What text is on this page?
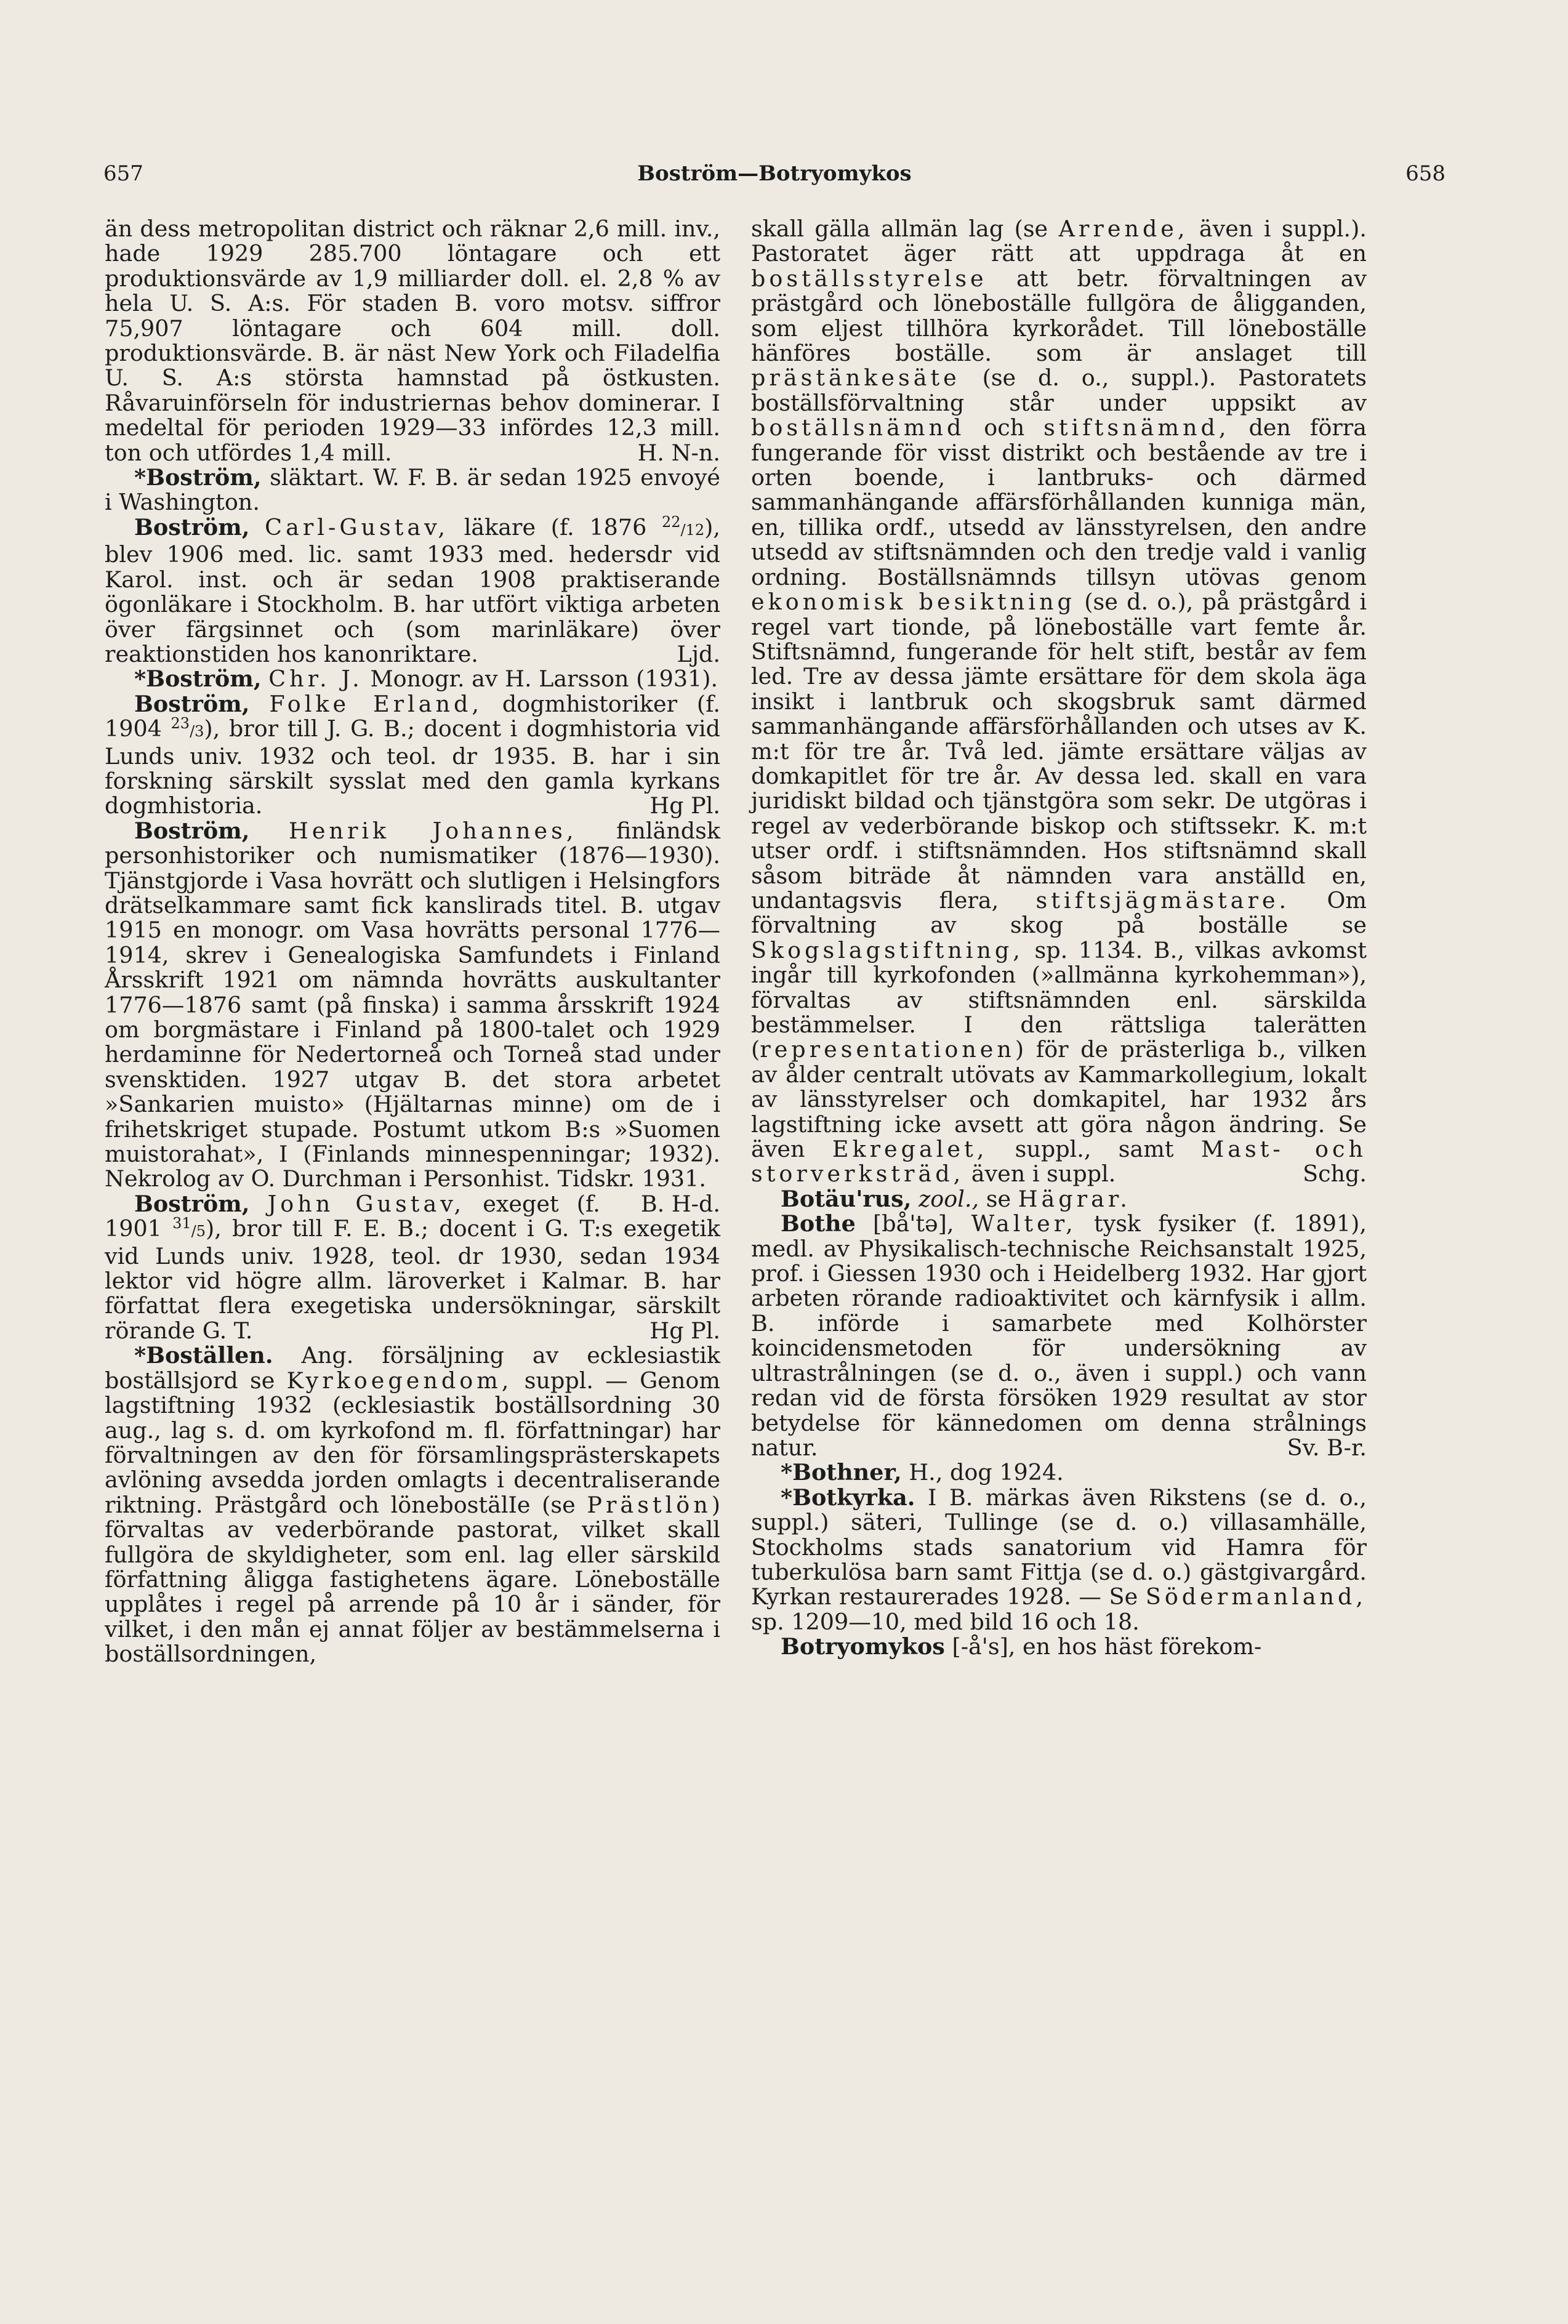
657	Boström—Botryomykos	658

än dess metropolitan district och räknar 2,6 mill. inv., hade 1929 285.700 löntagare och ett produktionsvärde av 1,9 milliarder doll. el. 2,8 % av hela U. S. A:s. För staden B. voro motsv. siffror 75,907 löntagare och 604 mill. doll. produktionsvärde. B. är näst New York och Filadelfia U. S. A:s största hamnstad på östkusten. Råvaruinförseln för industriernas behov dominerar. I medeltal för perioden 1929—33 infördes 12,3 mill. ton och utfördes 1,4 mill.	H. N-n.

*Boström, släktart. W. F. B. är sedan 1925 envoyé i Washington.

Boström, Carl-Gustav, läkare (f. 1876 $^{22}$/12), blev 1906 med. lic. samt 1933 med. hedersdr vid Karol. inst. och är sedan 1908 praktiserande ögonläkare i Stockholm. B. har utfört viktiga arbeten över färgsinnet och (som marinläkare) över reaktionstiden hos kanonriktare.	Ljd.

*Boström, Chr. J. Monogr. av H. Larsson (1931).

Boström, Folke Erland, dogmhistoriker (f. 1904 $^{23}$/3), bror till J. G. B.; docent i dogmhistoria vid Lunds univ. 1932 och teol. dr 1935. B. har i sin forskning särskilt sysslat med den gamla kyrkans dogmhistoria.	Hg Pl.

Boström, Henrik Johannes, finländsk personhistoriker och numismatiker (1876—1930). Tjänstgjorde i Vasa hovrätt och slutligen i Helsingfors drätselkammare samt fick kanslirads titel. B. utgav 1915 en monogr. om Vasa hovrätts personal 1776—1914, skrev i Genealogiska Samfundets i Finland Årsskrift 1921 om nämnda hovrätts auskultanter 1776—1876 samt (på finska) i samma årsskrift 1924 om borgmästare i Finland på 1800-talet och 1929 herdaminne för Nedertorneå och Torneå stad under svensktiden. 1927 utgav B. det stora arbetet »Sankarien muisto» (Hjältarnas minne) om de i frihetskriget stupade. Postumt utkom B:s »Suomen muistorahat», I (Finlands minnespenningar; 1932). Nekrolog av O. Durchman i Personhist. Tidskr. 1931.
B. H-d.

Boström, John Gustav, exeget (f. 1901 $^{31}$/5), bror till F. E. B.; docent i G. T:s exegetik vid Lunds univ. 1928, teol. dr 1930, sedan 1934 lektor vid högre allm. läroverket i Kalmar. B. har författat flera exegetiska undersökningar, särskilt rörande G. T.	Hg Pl.

*Boställen. Ang. försäljning av ecklesiastik boställsjord se Kyrkoegendom, suppl. — Genom lagstiftning 1932 (ecklesiastik boställsordning 30 aug., lag s. d. om kyrkofond m. fl. författningar) har förvaltningen av den för församlingsprästerskapets avlöning avsedda jorden omlagts i decentraliserande riktning. Prästgård och lönebostälIe (se Prästlön) förvaltas av vederbörande pastorat, vilket skall fullgöra de skyldigheter, som enl. lag eller särskild författning åligga fastighetens ägare. Löneboställe upplåtes i regel på arrende på 10 år i sänder, för vilket, i den mån ej annat följer av bestämmelserna i boställsordningen,

skall gälla allmän lag (se Arrende, även i suppl.). Pastoratet äger rätt att uppdraga åt en boställsstyrelse att betr. förvaltningen av prästgård och löneboställe fullgöra de åligganden, som eljest tillhöra kyrkorådet. Till löneboställe hänföres boställe. som är anslaget till prästänkesäte (se d. o., suppl.). Pastoratets boställsförvaltning står under uppsikt av boställsnämnd och stiftsnämnd, den förra fungerande för visst distrikt och bestående av tre i orten boende, i lantbruks- och därmed sammanhängande affärsförhållanden kunniga män, en, tillika ordf., utsedd av länsstyrelsen, den andre utsedd av stiftsnämnden och den tredje vald i vanlig ordning. Boställsnämnds tillsyn utövas genom ekonomisk besiktning (se d. o.), på prästgård i regel vart tionde, på löneboställe vart femte år. Stiftsnämnd, fungerande för helt stift, består av fem led. Tre av dessa jämte ersättare för dem skola äga insikt i lantbruk och skogsbruk samt därmed sammanhängande affärsförhållanden och utses av K. m:t för tre år. Två led. jämte ersättare väljas av domkapitlet för tre år. Av dessa led. skall en vara juridiskt bildad och tjänstgöra som sekr. De utgöras i regel av vederbörande biskop och stiftssekr. K. m:t utser ordf. i stiftsnämnden. Hos stiftsnämnd skall såsom biträde åt nämnden vara anställd en, undantagsvis flera, stiftsjägmästare. Om förvaltning av skog på boställe se Skogslagstiftning, sp. 1134. B., vilkas avkomst ingår till kyrkofonden (»allmänna kyrkohemman»), förvaltas av stiftsnämnden enl. särskilda bestämmelser. I den rättsliga talerätten (representationen) för de prästerliga b., vilken av ålder centralt utövats av Kammarkollegium, lokalt av länsstyrelser och domkapitel, har 1932 års lagstiftning icke avsett att göra någon ändring. Se även Ekregalet, suppl., samt Mast- och storverksträd, även i suppl.	Schg.

Botäu'rus, zool., se Hägrar.

Bothe [bå'tə], Walter, tysk fysiker (f. 1891), medl. av Physikalisch-technische Reichsanstalt 1925, prof. i Giessen 1930 och i Heidelberg 1932. Har gjort arbeten rörande radioaktivitet och kärnfysik i allm. B. införde i samarbete med Kolhörster koincidensmetoden för undersökning av ultrastrålningen (se d. o., även i suppl.) och vann redan vid de första försöken 1929 resultat av stor betydelse för kännedomen om denna strålnings natur.	Sv. B-r.

*Bothner, H., dog 1924.

*Botkyrka. I B. märkas även Rikstens (se d. o., suppl.) säteri, Tullinge (se d. o.) villasamhälle, Stockholms stads sanatorium vid Hamra för tuberkulösa barn samt Fittja (se d. o.) gästgivargård. Kyrkan restaurerades 1928. — Se Södermanland, sp. 1209—10, med bild 16 och 18.

Botryomykos [-å's], en hos häst förekom-
